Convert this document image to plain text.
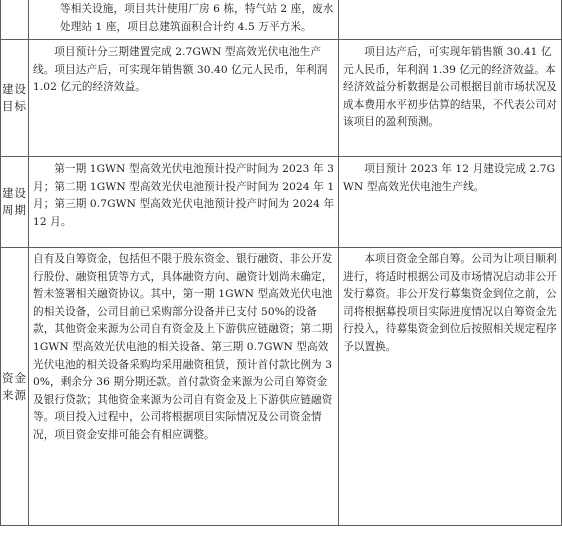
	等相关设施，项目共计使用厂房 6 栋，特气站 2 座，废水处理站 1 座，项目总建筑面积合计约 4.5 万平方米。	

建设
目标	项目预计分三期建置完成 2.7GWN 型高效光伏电池生产线。项目达产后，可实现年销售额 30.40 亿元人民币，年利润 1.02 亿元的经济效益。	项目达产后，可实现年销售额 30.41 亿元人民币，年利润 1.39 亿元的经济效益。本经济效益分析数据是公司根据目前市场状况及成本费用水平初步估算的结果，不代表公司对该项目的盈利预测。

建设
周期	第一期 1GWN 型高效光伏电池预计投产时间为 2023 年 3 月；第二期 1GWN 型高效光伏电池预计投产时间为 2024 年 1 月；第三期 0.7GWN 型高效光伏电池预计投产时间为 2024 年 12 月。	项目预计 2023 年 12 月建设完成 2.7GWN 型高效光伏电池生产线。

资金
来源	自有及自筹资金，包括但不限于股东资金、银行融资、非公开发行股份、融资租赁等方式，具体融资方向、融资计划尚未确定，暂未签署相关融资协议。其中，第一期 1GWN 型高效光伏电池的相关设备，公司目前已采购部分设备并已支付 50%的设备款，其他资金来源为公司自有资金及上下游供应链融资；第二期 1GWN 型高效光伏电池的相关设备、第三期 0.7GWN 型高效光伏电池的相关设备采购均采用融资租赁，预计首付款比例为 30%，剩余分 36 期分期还款。首付款资金来源为公司自筹资金及银行贷款；其他资金来源为公司自有资金及上下游供应链融资等。项目投入过程中，公司将根据项目实际情况及公司资金情况，项目资金安排可能会有相应调整。	本项目资金全部自筹。公司为让项目顺利进行，将适时根据公司及市场情况启动非公开发行募资。非公开发行募集资金到位之前，公司将根据募投项目实际进度情况以自筹资金先行投入，待募集资金到位后按照相关规定程序予以置换。
